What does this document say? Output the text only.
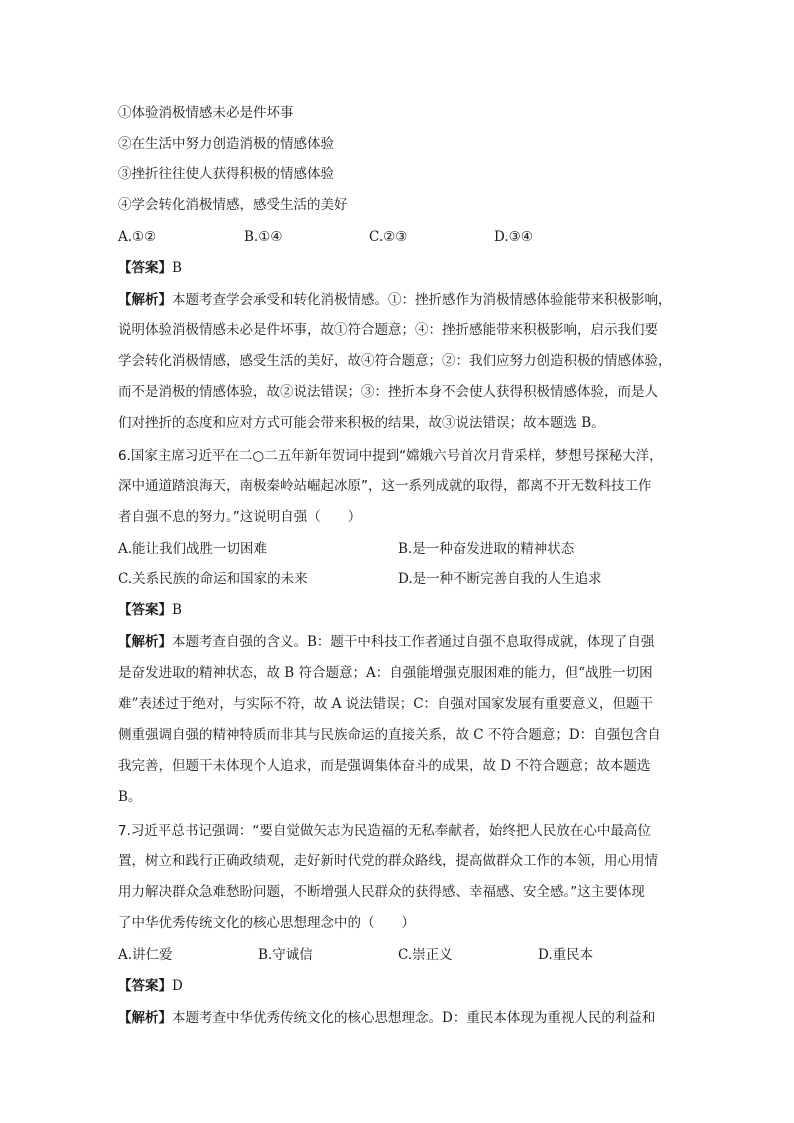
①体验消极情感未必是件坏事
②在生活中努力创造消极的情感体验
③挫折往往使人获得积极的情感体验
④学会转化消极情感，感受生活的美好
A.①②	B.①④	C.②③	D.③④
【答案】B
【解析】本题考查学会承受和转化消极情感。①：挫折感作为消极情感体验能带来积极影响，
说明体验消极情感未必是件坏事，故①符合题意；④：挫折感能带来积极影响，启示我们要
学会转化消极情感，感受生活的美好，故④符合题意；②：我们应努力创造积极的情感体验，
而不是消极的情感体验，故②说法错误；③：挫折本身不会使人获得积极情感体验，而是人
们对挫折的态度和应对方式可能会带来积极的结果，故③说法错误；故本题选 B。
6.国家主席习近平在二○二五年新年贺词中提到“嫦娥六号首次月背采样，梦想号探秘大洋，
深中通道踏浪海天，南极秦岭站崛起冰原”，这一系列成就的取得，都离不开无数科技工作
者自强不息的努力。”这说明自强（　　）
A.能让我们战胜一切困难	B.是一种奋发进取的精神状态
C.关系民族的命运和国家的未来	D.是一种不断完善自我的人生追求
【答案】B
【解析】本题考查自强的含义。B：题干中科技工作者通过自强不息取得成就，体现了自强
是奋发进取的精神状态，故 B 符合题意；A：自强能增强克服困难的能力，但“战胜一切困
难”表述过于绝对，与实际不符，故 A 说法错误；C：自强对国家发展有重要意义，但题干
侧重强调自强的精神特质而非其与民族命运的直接关系，故 C 不符合题意；D：自强包含自
我完善，但题干未体现个人追求，而是强调集体奋斗的成果，故 D 不符合题意；故本题选
B。
7.习近平总书记强调：“要自觉做矢志为民造福的无私奉献者，始终把人民放在心中最高位
置，树立和践行正确政绩观，走好新时代党的群众路线，提高做群众工作的本领，用心用情
用力解决群众急难愁盼问题，不断增强人民群众的获得感、幸福感、安全感。”这主要体现
了中华优秀传统文化的核心思想理念中的（　　）
A.讲仁爱	B.守诚信	C.崇正义	D.重民本
【答案】D
【解析】本题考查中华优秀传统文化的核心思想理念。D：重民本体现为重视人民的利益和
